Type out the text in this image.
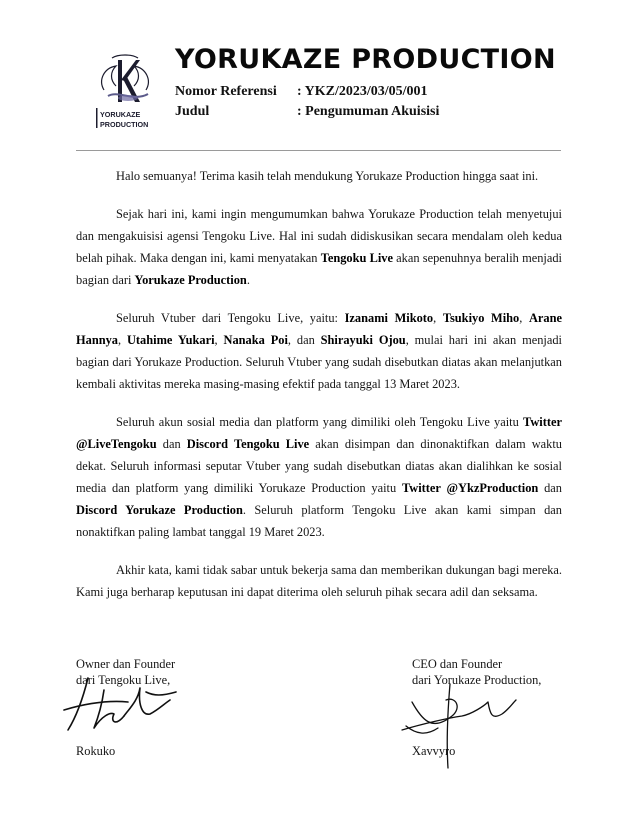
YORUKAZE
PRODUCTION
YORUKAZE PRODUCTION
Nomor Referensi : YKZ/2023/03/05/001
Judul	: Pengumuman Akuisisi

Halo semuanya! Terima kasih telah mendukung Yorukaze Production hingga saat ini.

Sejak hari ini, kami ingin mengumumkan bahwa Yorukaze Production telah menyetujui dan mengakuisisi agensi Tengoku Live. Hal ini sudah didiskusikan secara mendalam oleh kedua belah pihak. Maka dengan ini, kami menyatakan Tengoku Live akan sepenuhnya beralih menjadi bagian dari Yorukaze Production.

Seluruh Vtuber dari Tengoku Live, yaitu: Izanami Mikoto, Tsukiyo Miho, Arane Hannya, Utahime Yukari, Nanaka Poi, dan Shirayuki Ojou, mulai hari ini akan menjadi bagian dari Yorukaze Production. Seluruh Vtuber yang sudah disebutkan diatas akan melanjutkan kembali aktivitas mereka masing-masing efektif pada tanggal 13 Maret 2023.

Seluruh akun sosial media dan platform yang dimiliki oleh Tengoku Live yaitu Twitter @LiveTengoku dan Discord Tengoku Live akan disimpan dan dinonaktifkan dalam waktu dekat. Seluruh informasi seputar Vtuber yang sudah disebutkan diatas akan dialihkan ke sosial media dan platform yang dimiliki Yorukaze Production yaitu Twitter @YkzProduction dan Discord Yorukaze Production. Seluruh platform Tengoku Live akan kami simpan dan nonaktifkan paling lambat tanggal 19 Maret 2023.

Akhir kata, kami tidak sabar untuk bekerja sama dan memberikan dukungan bagi mereka. Kami juga berharap keputusan ini dapat diterima oleh seluruh pihak secara adil dan seksama.

Owner dan Founder
dari Tengoku Live,
Rokuko
CEO dan Founder
dari Yorukaze Production,
Xavvyro
